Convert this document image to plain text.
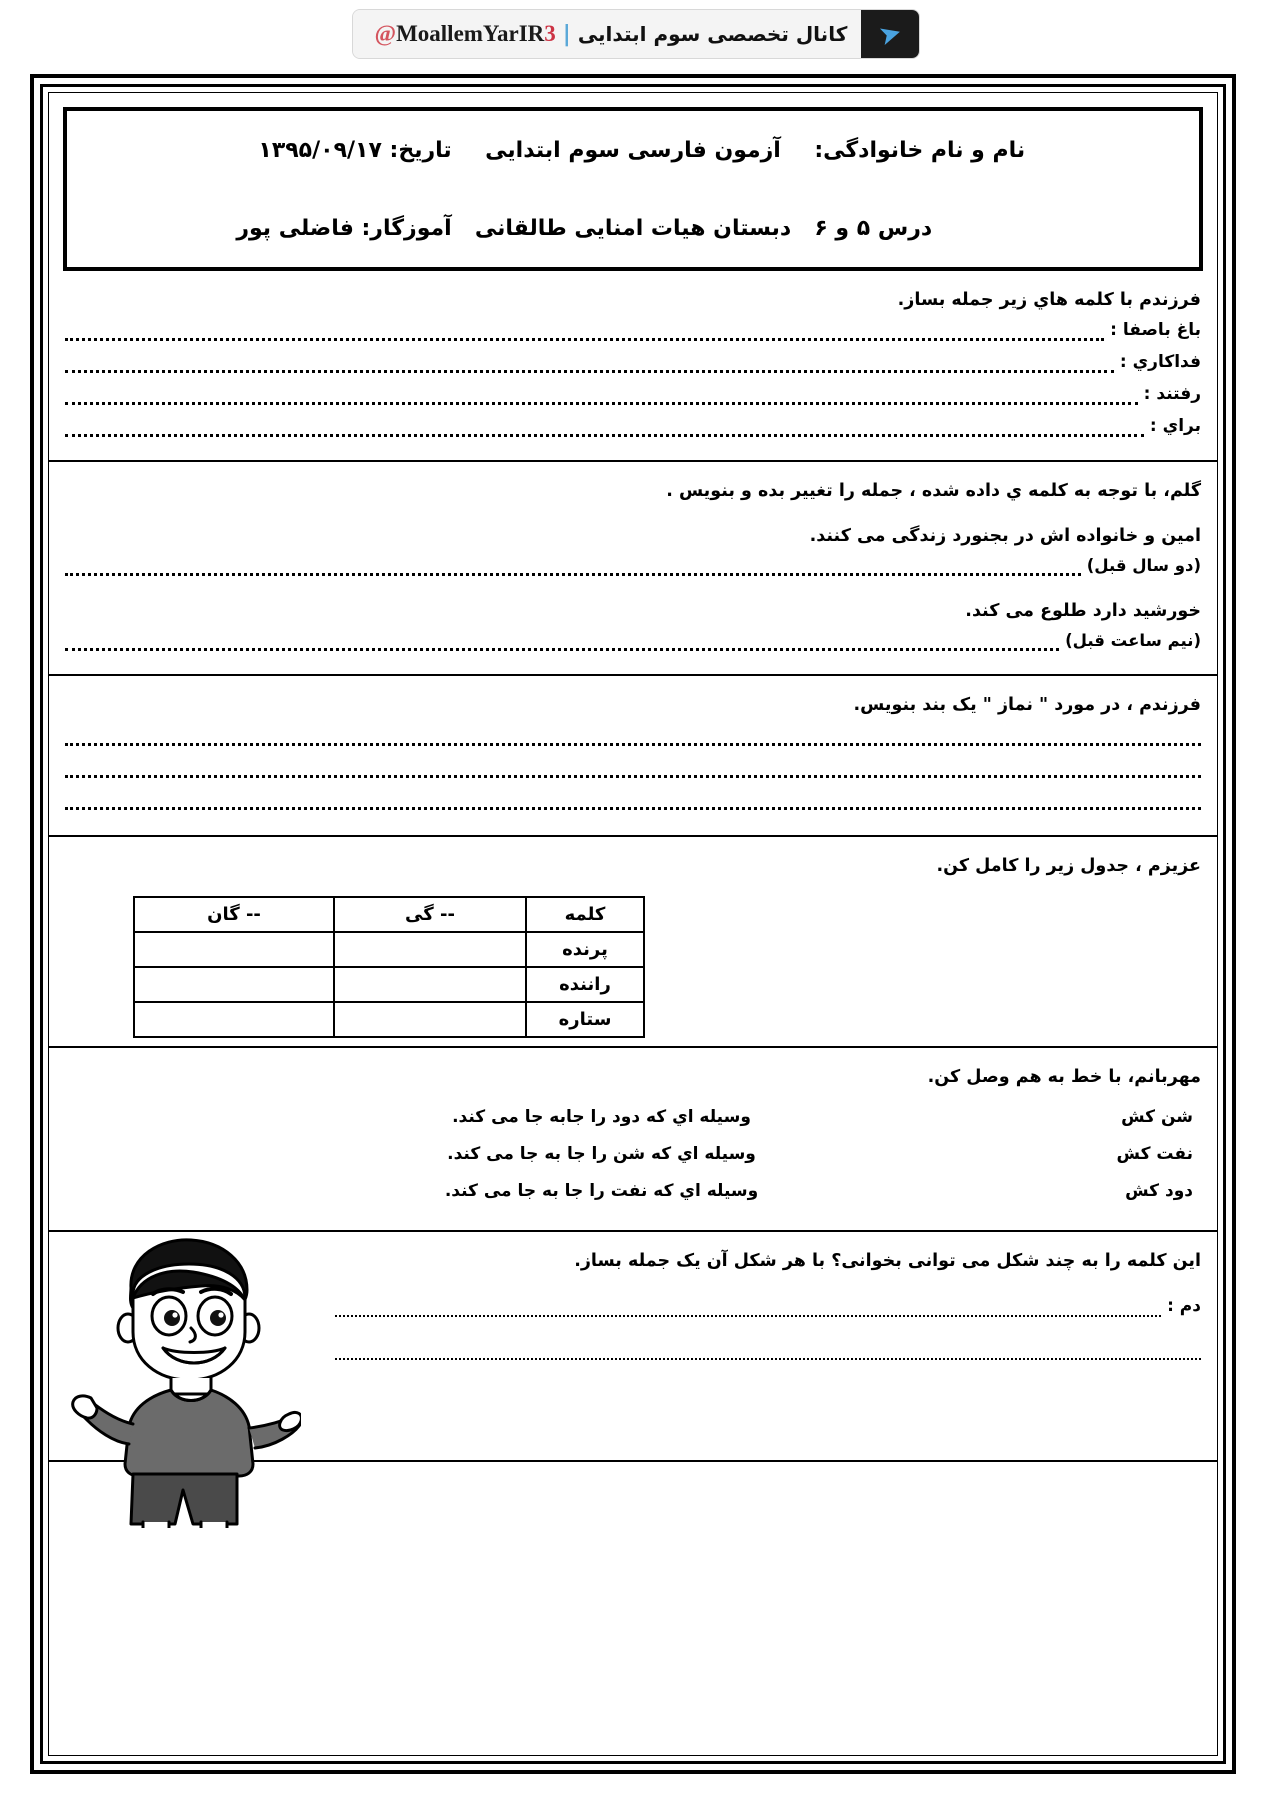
➤
کانال تخصصی سوم ابتدایی
|
@MoallemYarIR3
نام و نام خانوادگی:
آزمون فارسی سوم ابتدایی
تاریخ: ۱۳۹۵/۰۹/۱۷
درس ۵ و ۶
دبستان هیات امنایی طالقانی
آموزگار: فاضلی پور
فرزندم با کلمه هاي زير جمله بساز.
باغ باصفا :
فداکاري :
رفتند :
براي :
گلم، با توجه به کلمه ي داده شده ، جمله را تغيير بده و بنويس .
امین و خانواده اش در بجنورد زندگی می کنند.
(دو سال قبل)
خورشید دارد طلوع می کند.
(نیم ساعت قبل)
فرزندم ، در مورد " نماز " یک بند بنویس.
عزیزم ، جدول زیر را کامل کن.
کلمه	-- گی	-- گان
پرنده		
راننده		
ستاره		
مهربانم، با خط به هم وصل کن.
شن کش
وسیله اي که دود را جابه جا می کند.
نفت کش
وسیله اي که شن را جا به جا می کند.
دود کش
وسیله اي که نفت را جا به جا می کند.
این کلمه را به چند شکل می توانی بخوانی؟ با هر شکل آن یک جمله بساز.
دم :
